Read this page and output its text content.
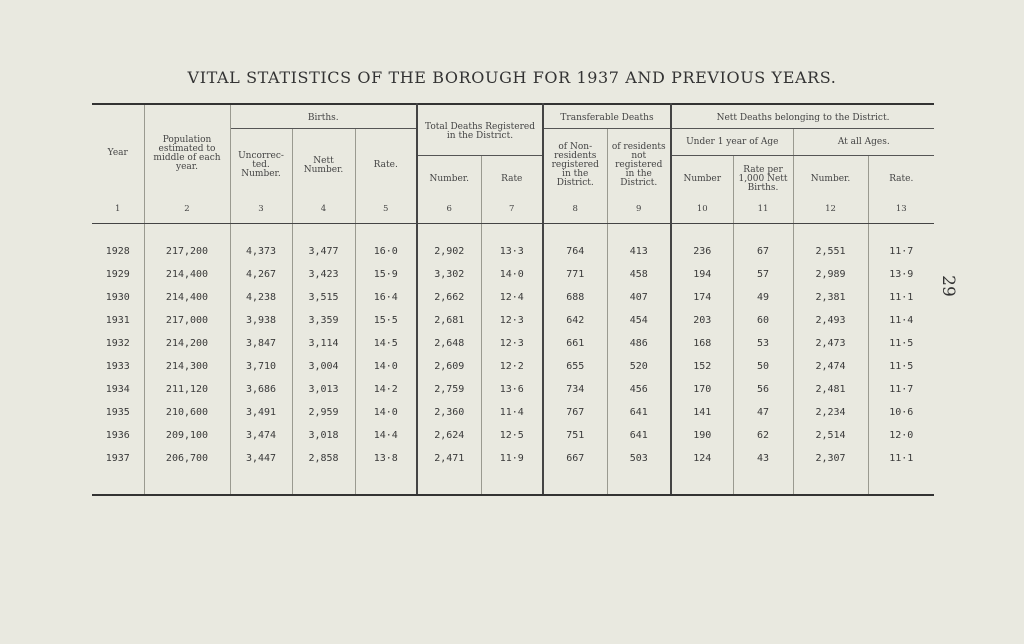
VITAL STATISTICS OF THE BOROUGH FOR 1937 AND PREVIOUS YEARS.
29
Year	Population estimated to middle of each year.	Births.			Total Deaths Registered in the District.		Transferable Deaths		Nett Deaths belonging to the District.			
		Uncorrec-ted. Number.	Nett Number.	Rate.			of Non-residents registered in the District.	of residents not registered in the District.	Under 1 year of Age		At all Ages.	
					Number.	Rate			Number	Rate per 1,000 Nett Births.	Number.	Rate.
1	2	3	4	5	6	7	8	9	10	11	12	13

1928	217,200	4,373	3,477	16·0	2,902	13·3	764	413	236	67	2,551	11·7
1929	214,400	4,267	3,423	15·9	3,302	14·0	771	458	194	57	2,989	13·9
1930	214,400	4,238	3,515	16·4	2,662	12·4	688	407	174	49	2,381	11·1
1931	217,000	3,938	3,359	15·5	2,681	12·3	642	454	203	60	2,493	11·4
1932	214,200	3,847	3,114	14·5	2,648	12·3	661	486	168	53	2,473	11·5
1933	214,300	3,710	3,004	14·0	2,609	12·2	655	520	152	50	2,474	11·5
1934	211,120	3,686	3,013	14·2	2,759	13·6	734	456	170	56	2,481	11·7
1935	210,600	3,491	2,959	14·0	2,360	11·4	767	641	141	47	2,234	10·6
1936	209,100	3,474	3,018	14·4	2,624	12·5	751	641	190	62	2,514	12·0
1937	206,700	3,447	2,858	13·8	2,471	11·9	667	503	124	43	2,307	11·1
